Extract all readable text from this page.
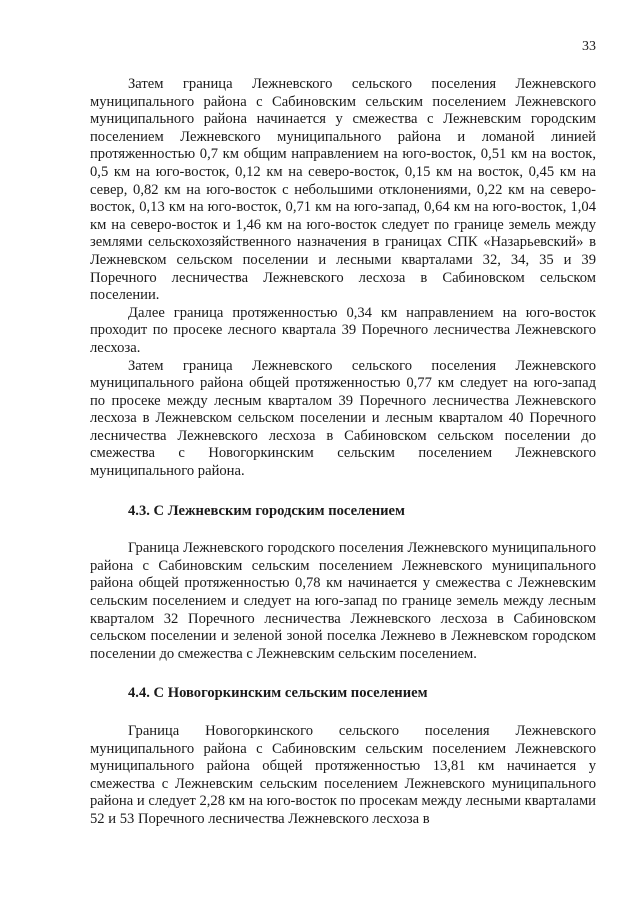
33

Затем граница Лежневского сельского поселения Лежневского муниципального района с Сабиновским сельским поселением Лежневского муниципального района начинается у смежества с Лежневским городским поселением Лежневского муниципального района и ломаной линией протяженностью 0,7 км общим направлением на юго-восток, 0,51 км на восток, 0,5 км на юго-восток, 0,12 км на северо-восток, 0,15 км на восток, 0,45 км на север, 0,82 км на юго-восток с небольшими отклонениями, 0,22 км на северо-восток, 0,13 км на юго-восток, 0,71 км на юго-запад, 0,64 км на юго-восток, 1,04 км на северо-восток и 1,46 км на юго-восток следует по границе земель между землями сельскохозяйственного назначения в границах СПК «Назарьевский» в Лежневском сельском поселении и лесными кварталами 32, 34, 35 и 39 Поречного лесничества Лежневского лесхоза в Сабиновском сельском поселении.

Далее граница протяженностью 0,34 км направлением на юго-восток проходит по просеке лесного квартала 39 Поречного лесничества Лежневского лесхоза.

Затем граница Лежневского сельского поселения Лежневского муниципального района общей протяженностью 0,77 км следует на юго-запад по просеке между лесным кварталом 39 Поречного лесничества Лежневского лесхоза в Лежневском сельском поселении и лесным кварталом 40 Поречного лесничества Лежневского лесхоза в Сабиновском сельском поселении до смежества с Новогоркинским сельским поселением Лежневского муниципального района.

4.3. С Лежневским городским поселением

Граница Лежневского городского поселения Лежневского муниципального района с Сабиновским сельским поселением Лежневского муниципального района общей протяженностью 0,78 км начинается у смежества с Лежневским сельским поселением и следует на юго-запад по границе земель между лесным кварталом 32 Поречного лесничества Лежневского лесхоза в Сабиновском сельском поселении и зеленой зоной поселка Лежнево в Лежневском городском поселении до смежества с Лежневским сельским поселением.

4.4. С Новогоркинским сельским поселением

Граница Новогоркинского сельского поселения Лежневского муниципального района с Сабиновским сельским поселением Лежневского муниципального района общей протяженностью 13,81 км начинается у смежества с Лежневским сельским поселением Лежневского муниципального района и следует 2,28 км на юго-восток по просекам между лесными кварталами 52 и 53 Поречного лесничества Лежневского лесхоза в
